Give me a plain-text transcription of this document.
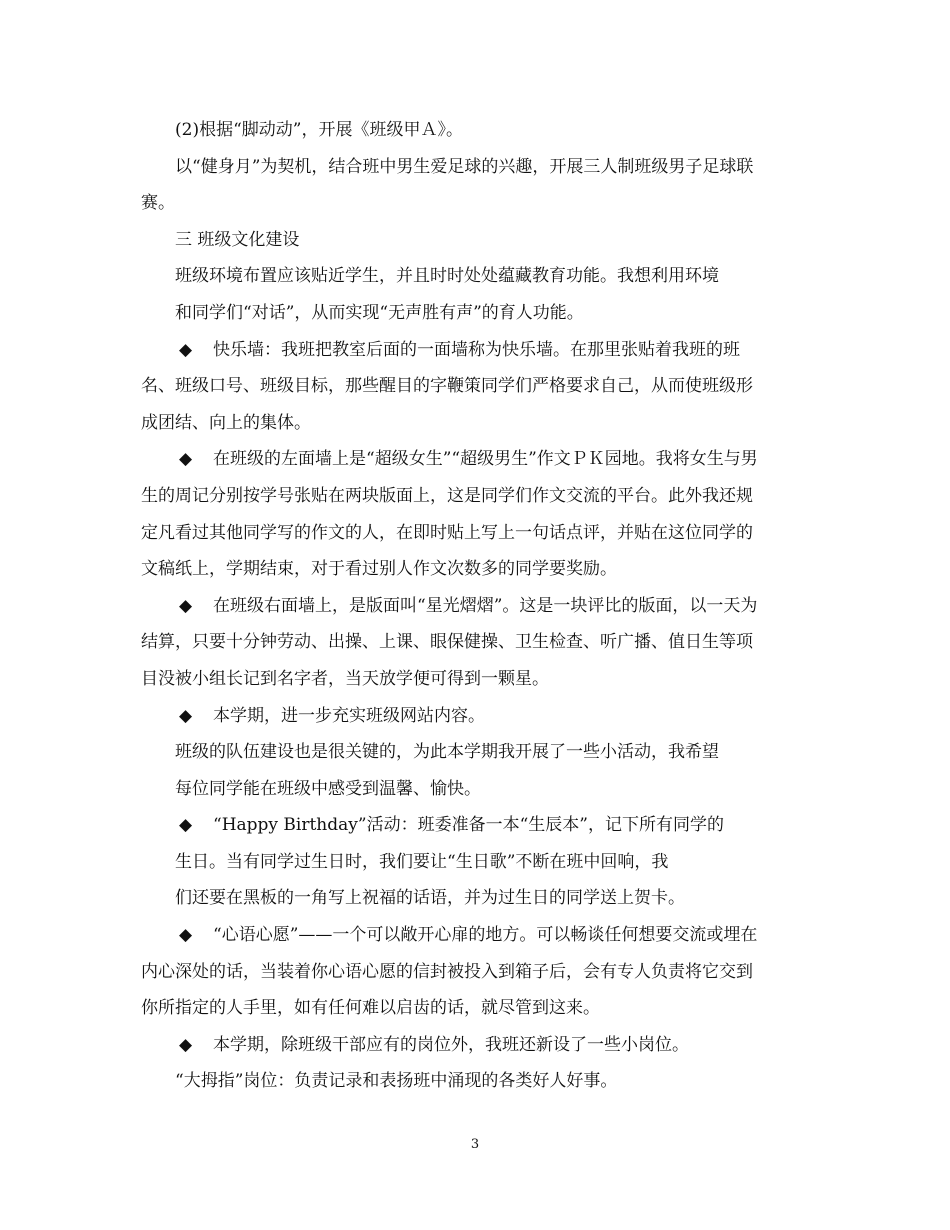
(2)根据“脚动动”，开展《班级甲Ａ》。
以“健身月”为契机，结合班中男生爱足球的兴趣，开展三人制班级男子足球联
赛。
三 班级文化建设
班级环境布置应该贴近学生，并且时时处处蕴藏教育功能。我想利用环境
和同学们“对话”，从而实现“无声胜有声”的育人功能。
◆ 快乐墙：我班把教室后面的一面墙称为快乐墙。在那里张贴着我班的班
名、班级口号、班级目标，那些醒目的字鞭策同学们严格要求自己，从而使班级形
成团结、向上的集体。
◆ 在班级的左面墙上是“超级女生”“超级男生”作文ＰＫ园地。我将女生与男
生的周记分别按学号张贴在两块版面上，这是同学们作文交流的平台。此外我还规
定凡看过其他同学写的作文的人，在即时贴上写上一句话点评，并贴在这位同学的
文稿纸上，学期结束，对于看过别人作文次数多的同学要奖励。
◆ 在班级右面墙上，是版面叫“星光熠熠”。这是一块评比的版面，以一天为
结算，只要十分钟劳动、出操、上课、眼保健操、卫生检查、听广播、值日生等项
目没被小组长记到名字者，当天放学便可得到一颗星。
◆ 本学期，进一步充实班级网站内容。
班级的队伍建设也是很关键的，为此本学期我开展了一些小活动，我希望
每位同学能在班级中感受到温馨、愉快。
◆ “Happy Birthday”活动：班委准备一本“生辰本”，记下所有同学的
生日。当有同学过生日时，我们要让“生日歌”不断在班中回响，我
们还要在黑板的一角写上祝福的话语，并为过生日的同学送上贺卡。
◆ “心语心愿”——一个可以敞开心扉的地方。可以畅谈任何想要交流或埋在
内心深处的话，当装着你心语心愿的信封被投入到箱子后，会有专人负责将它交到
你所指定的人手里，如有任何难以启齿的话，就尽管到这来。
◆ 本学期，除班级干部应有的岗位外，我班还新设了一些小岗位。
“大拇指”岗位：负责记录和表扬班中涌现的各类好人好事。
3
